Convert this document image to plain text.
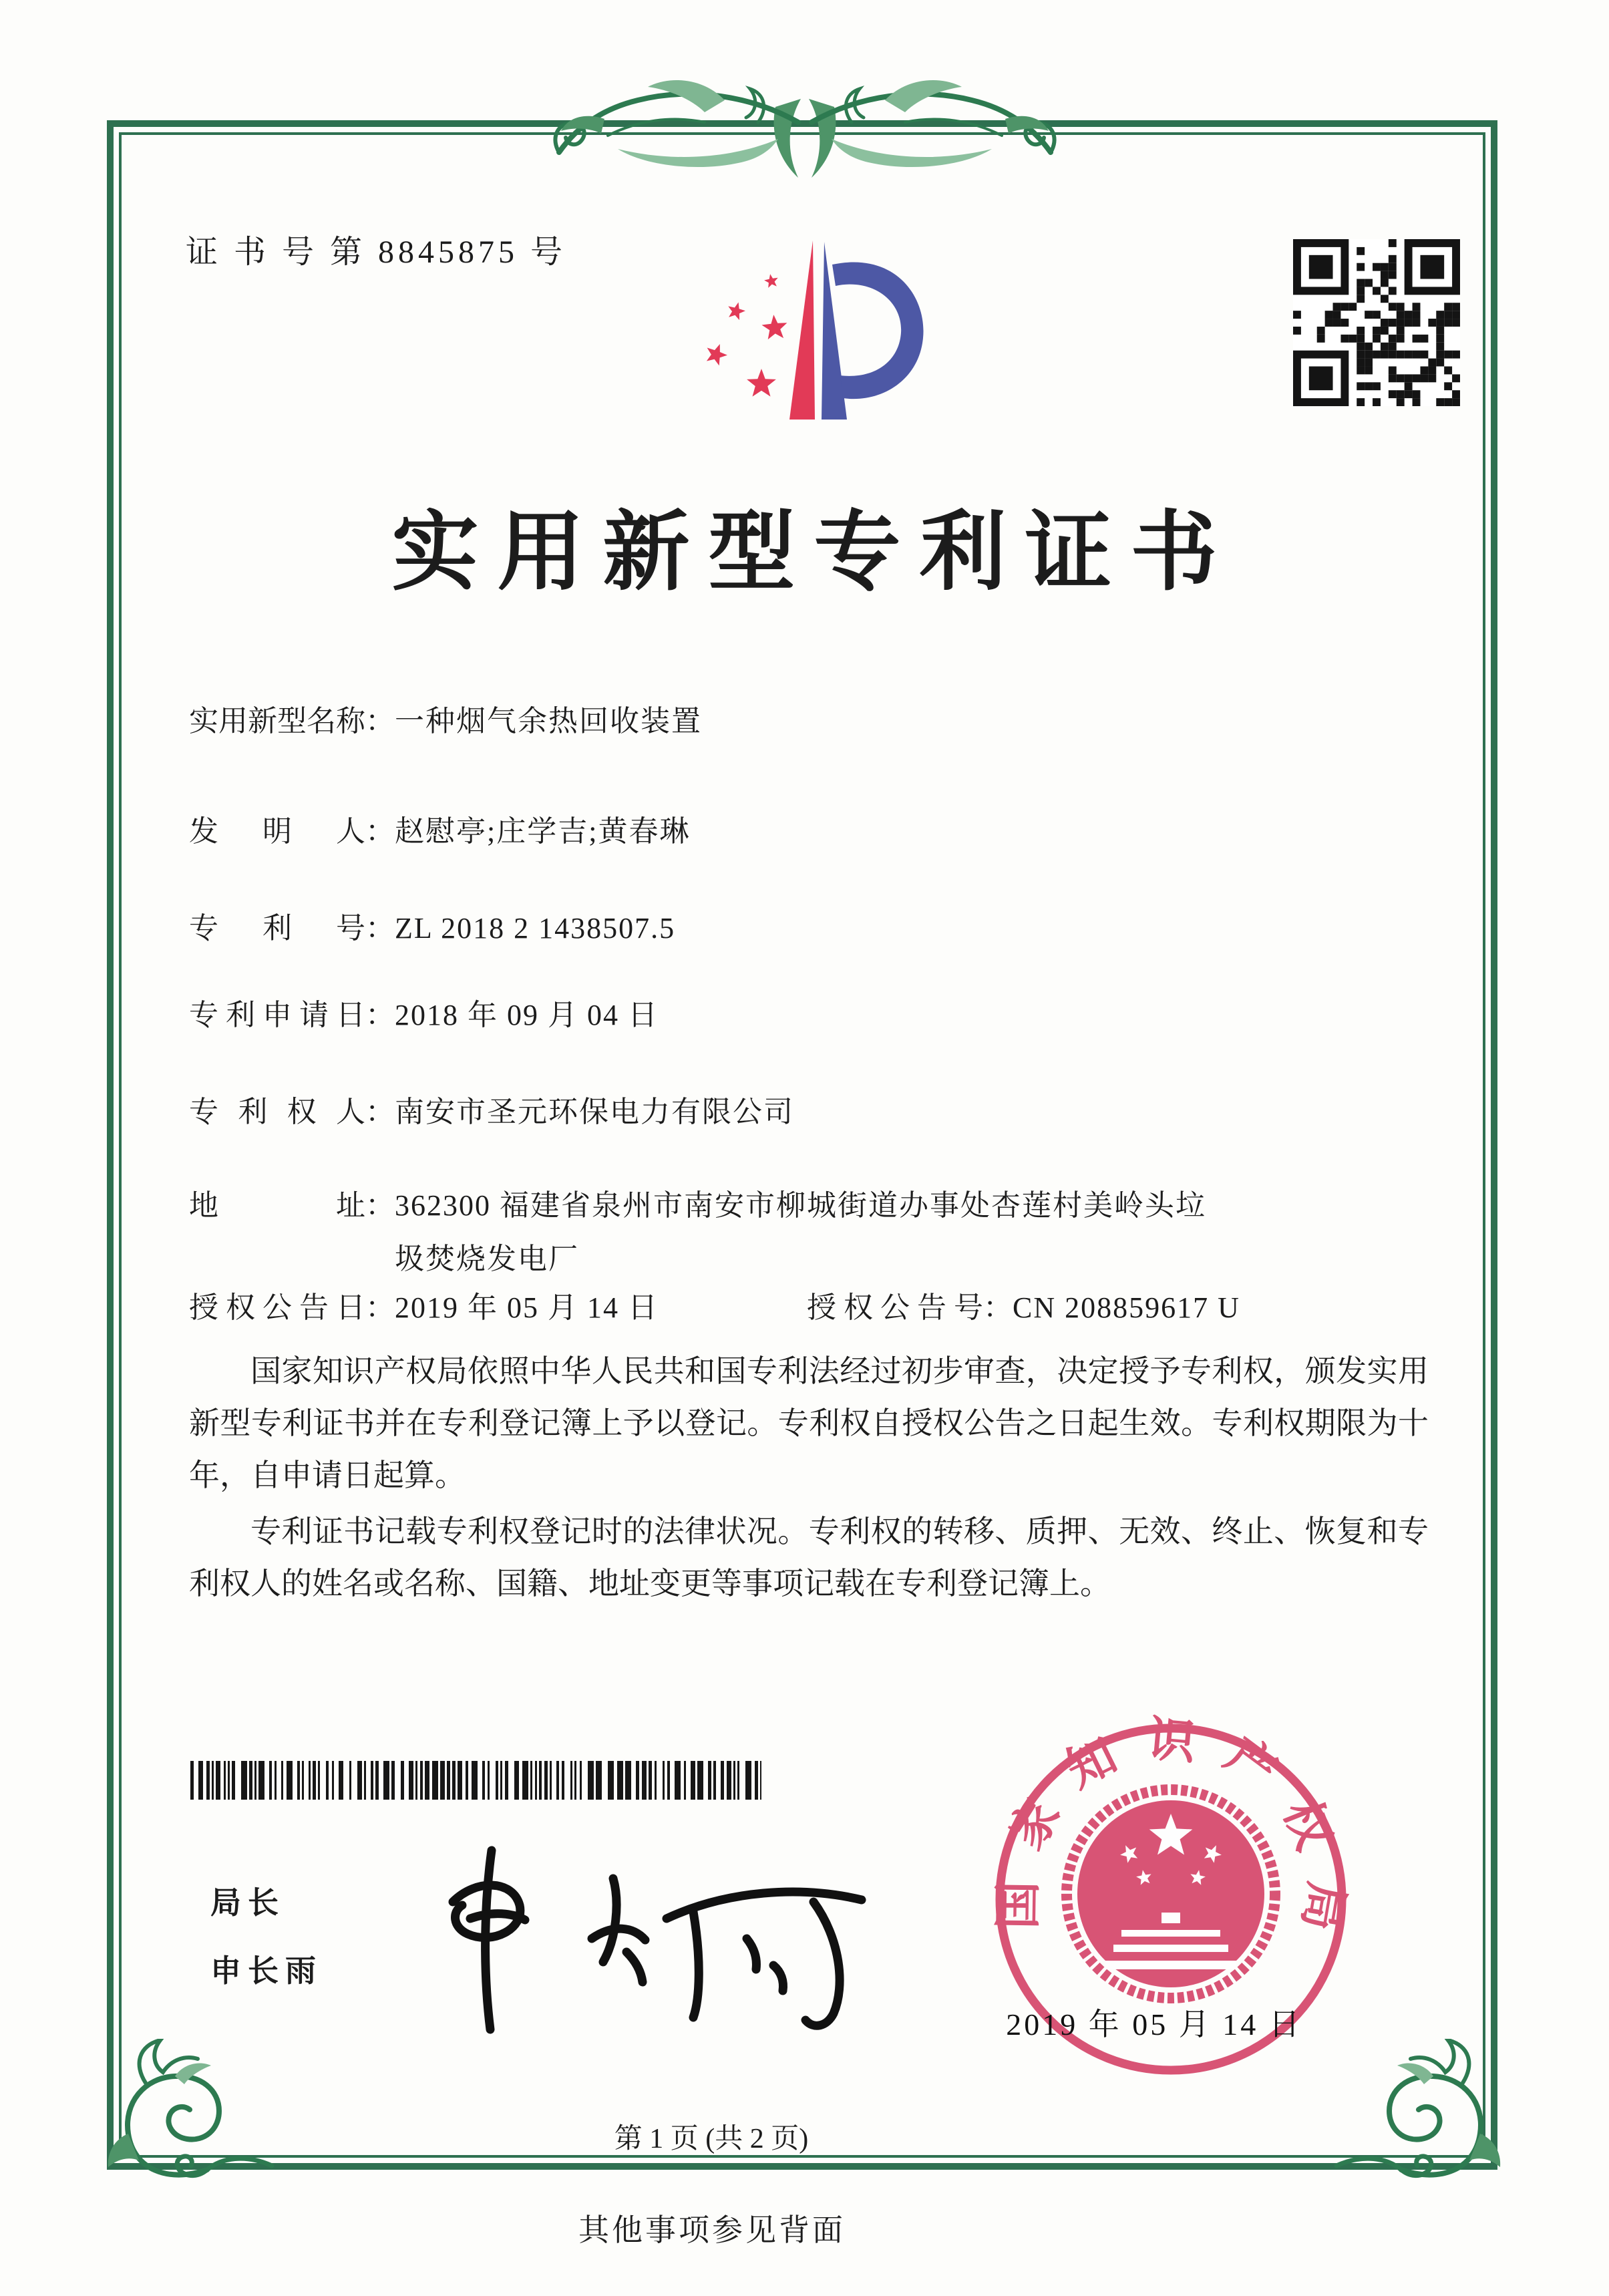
证 书 号 第 8845875 号
实用新型专利证书
实用新型名称：一种烟气余热回收装置
发明人：赵慰亭;庄学吉;黄春琳
专利号：ZL 2018 2 1438507.5
专利申请日：2018 年 09 月 04 日
专利权人：南安市圣元环保电力有限公司
地址：362300 福建省泉州市南安市柳城街道办事处杏莲村美岭头垃圾焚烧发电厂
授权公告日：2019 年 05 月 14 日	授权公告号：CN 208859617 U

国家知识产权局依照中华人民共和国专利法经过初步审查，决定授予专利权，颁发实用新型专利证书并在专利登记簿上予以登记。专利权自授权公告之日起生效。专利权期限为十年，自申请日起算。

专利证书记载专利权登记时的法律状况。专利权的转移、质押、无效、终止、恢复和专利权人的姓名或名称、国籍、地址变更等事项记载在专利登记簿上。

局长
申长雨
国家知识产权局
2019 年 05 月 14 日
第 1 页 (共 2 页)
其他事项参见背面
